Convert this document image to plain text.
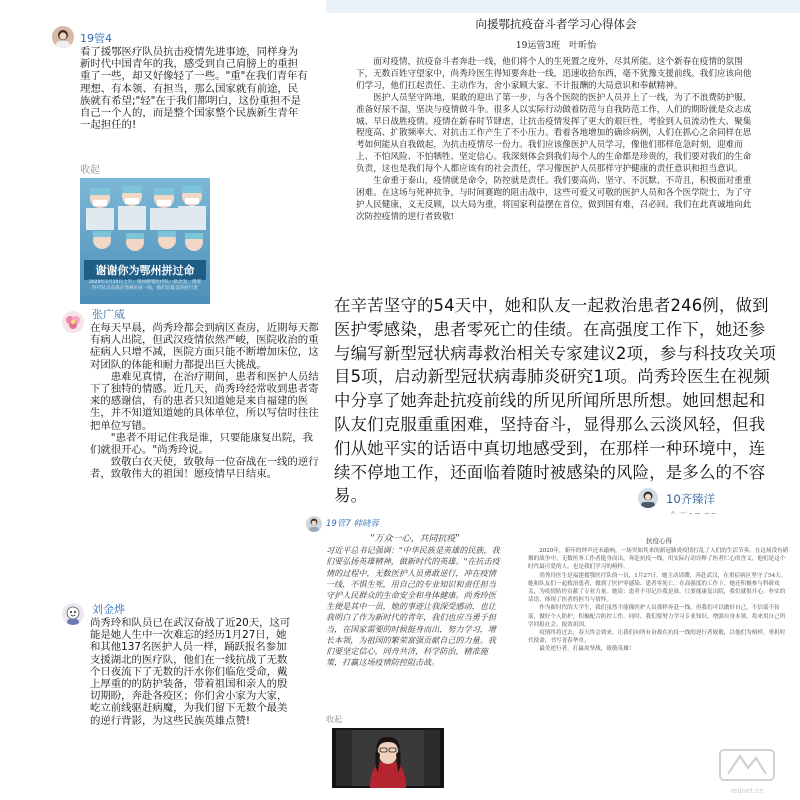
19管4
看了援鄂医疗队员抗击疫情先进事迹，同样身为新时代中国青年的我，感受到自己肩膀上的重担重了一些，却又好像轻了一些。"重"在我们青年有理想、有本领、有担当，那么国家就有前途，民族就有希望;"轻"在于我们都明白，这份重担不是自己一个人的，而是整个国家整个民族新生青年一起担任的!
收起
谢谢你为鄂州拼过命
2020年2月10日上午，鄂州援鄂医疗队一队出发，援鄂医疗队员奋战在鄂州抗疫一线，他们是最美的逆行者
向援鄂抗疫奋斗者学习心得体会
19运管3班　叶昕怡

面对疫情，抗疫奋斗者奔赴一线，他们将个人的生死置之度外，尽其所能。这个新春在疫情的氛围下，无数百姓守望家中，尚秀玲医生得知要奔赴一线，迅速收拾东西，毫不犹豫支援前线。我们应该向他们学习，他们扛起责任、主动作为，舍小家顾大家、不计报酬的大局意识和奉献精神。

医护人员坚守阵地，果敢的迎出了第一步，与各个医院的医护人员并上了一线，为了不浪费防护服，准备好尿不湿，坚决与疫情做斗争。很多人以实际行动做着防范与自我防范工作，人们的期盼就是众志成城、早日战胜疫情。疫情在新春时节肆虐，让抗击疫情发挥了更大的艰巨性，考验到人员流动性大、聚集程度高、扩散频率大、对抗击工作产生了不小压力。看着各地增加的确诊病例，人们在抓心之余同样在思考如何能从自我做起，为抗击疫情尽一份力。我们应该像医护人员学习，像他们那样危急时刻，迎难而上、不怕风险、不怕牺牲、坚定信心。我深刻体会到我们每个人的生命都是珍贵的，我们要对我们的生命负责，这也是我们每个人都应该有的社会责任，学习像医护人员那样守护健康的责任意识和担当意识。

生命重于泰山，疫情就是命令，防控就是责任。我们要高尚、坚守、不沉默、不苛且，积极面对重重困难。在这场与死神抗争，与时间赛跑的阻击战中，这些可爱又可敬的医护人员和各个医学院士，为了守护人民健康，义无反顾，以大局为重，将国家利益摆在首位，做到国有难，召必回。我们在此真诚地向此次防控疫情的逆行者致敬!

张广威

在每天早晨，尚秀玲都会到病区查房，近期每天都有病人出院，但武汉疫情依然严峻，医院收治的重症病人只增不减，医院方面只能不断增加床位，这对团队的体能和耐力都提出巨大挑战。

患难见真情，在治疗期间，患者和医护人员结下了独特的情感。近几天，尚秀玲经常收到患者寄来的感谢信，有的患者只知道她是来自福建的医生，并不知道知道她的具体单位，所以写信时往往把单位写错。

"患者不用记住我是谁，只要能康复出院，我们就很开心。"尚秀玲说。

致敬白衣天使，致敬每一位奋战在一线的逆行者，致敬伟大的祖国！愿疫情早日结束。

在辛苦坚守的54天中，她和队友一起救治患者246例，做到医护零感染，患者零死亡的佳绩。在高强度工作下，她还参与编写新型冠状病毒救治相关专家建议2项，参与科技攻关项目5项，启动新型冠状病毒肺炎研究1项。尚秀玲医生在视频中分享了她奔赴抗疫前线的所见所闻所思所想。她回想起和队友们克服重重困难，坚持奋斗，显得那么云淡风轻，但我们从她平实的话语中真切地感受到，在那样一种环境中，连续不停地工作，还面临着随时被感染的风险，是多么的不容易。	10齐臻洋
19管7 韩晓蓉

"万众一心，共同抗疫"

习近平总书记强调："中华民族是英雄的民族，我们要弘扬英雄精神，做新时代的英雄。"在抗击疫情的过程中，无数医护人员勇敢逆行，冲在疫情一线，不惧生死，用自己的专业知识和责任担当守护人民群众的生命安全和身体健康。尚秀玲医生便是其中一员，她的事迹让我深受感动，也让我明白了作为新时代的青年，我们也应当勇于担当，在国家需要的时候挺身而出，努力学习，增长本领，为祖国的繁荣富强贡献自己的力量。我们要坚定信心，同舟共济，科学防治，精准施策，打赢这场疫情防控阻击战。

收起
抗疫心得

2020年，新年的钟声还未敲响，一场突如其来的新冠肺炎疫情打乱了人们的生活节奏。在这场没有硝烟的战争中，无数医务工作者挺身而出，奔赴抗疫一线，用实际行动诠释了医者仁心的含义，他们是这个时代最可爱的人，也是我们学习的榜样。

尚秀玲医生是福建援鄂医疗队的一员，1月27日，她主动请缨，奔赴武汉，在重症病区坚守了54天。她和队友们一起救治患者，做到了医护零感染、患者零死亡。在高强度的工作下，她还积极参与科研攻关，为疫情防控贡献了专业力量。她说：患者不用记住我是谁，只要能康复出院，我们就很开心。朴实的话语，体现了医者的担当与情怀。

作为新时代的大学生，我们虽然不能像医护人员那样奔赴一线，但我们可以做好自己，不信谣不传谣，做好个人防护，积极配合防控工作。同时，我们要努力学习专业知识，增强自身本领，将来用自己所学回报社会、报效祖国。

疫情终将过去，春天终会到来。让我们向所有奋战在抗疫一线的逆行者致敬，以他们为榜样，勇担时代使命，书写青春华章。

最美逆行者，打赢攻坚战，致敬英雄！

刘金烨
尚秀玲和队员已在武汉奋战了近20天，这可能是她人生中一次难忘的经历1月27日，她和其他137名医护人员一样，踊跃报名参加支援湖北的医疗队，他们在一线抗战了无数个日夜流下了无数的汗水你们临危受命，戴上厚重的的防护装备，带着祖国和亲人的殷切期盼，奔赴各疫区；你们舍小家为大家，屹立前线驱赶病魔，为我们留下无数个最美的逆行背影，为这些民族英雄点赞!
rednet.cn
